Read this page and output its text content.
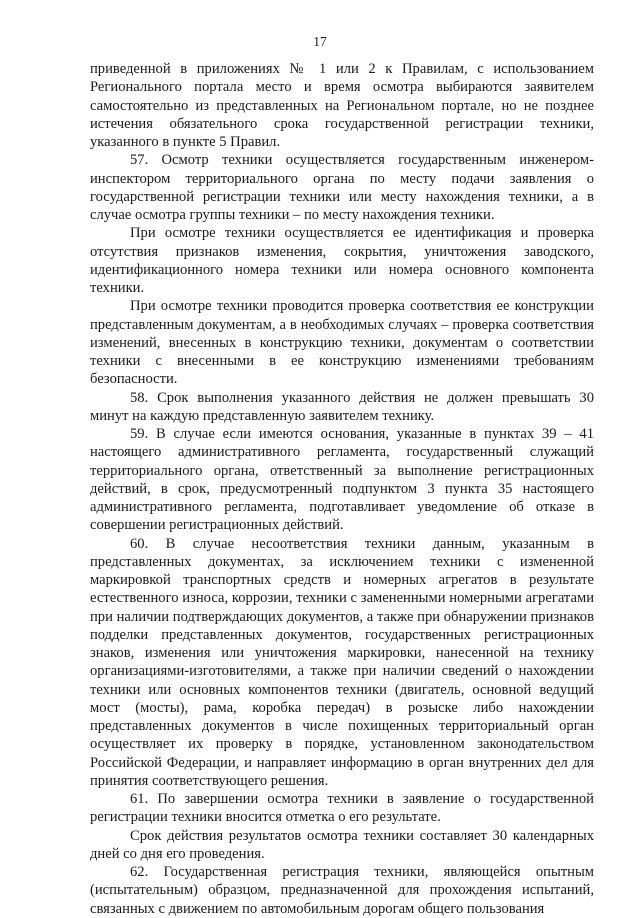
17

приведенной в приложениях № 1 или 2 к Правилам, с использованием Регионального портала место и время осмотра выбираются заявителем самостоятельно из представленных на Региональном портале, но не позднее истечения обязательного срока государственной регистрации техники, указанного в пункте 5 Правил.

57. Осмотр техники осуществляется государственным инженером-инспектором территориального органа по месту подачи заявления о государственной регистрации техники или месту нахождения техники, а в случае осмотра группы техники – по месту нахождения техники.

При осмотре техники осуществляется ее идентификация и проверка отсутствия признаков изменения, сокрытия, уничтожения заводского, идентификационного номера техники или номера основного компонента техники.

При осмотре техники проводится проверка соответствия ее конструкции представленным документам, а в необходимых случаях – проверка соответствия изменений, внесенных в конструкцию техники, документам о соответствии техники с внесенными в ее конструкцию изменениями требованиям безопасности.

58. Срок выполнения указанного действия не должен превышать 30 минут на каждую представленную заявителем технику.

59. В случае если имеются основания, указанные в пунктах 39 – 41 настоящего административного регламента, государственный служащий территориального органа, ответственный за выполнение регистрационных действий, в срок, предусмотренный подпунктом 3 пункта 35 настоящего административного регламента, подготавливает уведомление об отказе в совершении регистрационных действий.

60. В случае несоответствия техники данным, указанным в представленных документах, за исключением техники с измененной маркировкой транспортных средств и номерных агрегатов в результате естественного износа, коррозии, техники с замененными номерными агрегатами при наличии подтверждающих документов, а также при обнаружении признаков подделки представленных документов, государственных регистрационных знаков, изменения или уничтожения маркировки, нанесенной на технику организациями-изготовителями, а также при наличии сведений о нахождении техники или основных компонентов техники (двигатель, основной ведущий мост (мосты), рама, коробка передач) в розыске либо нахождении представленных документов в числе похищенных территориальный орган осуществляет их проверку в порядке, установленном законодательством Российской Федерации, и направляет информацию в орган внутренних дел для принятия соответствующего решения.

61. По завершении осмотра техники в заявление о государственной регистрации техники вносится отметка о его результате.

Срок действия результатов осмотра техники составляет 30 календарных дней со дня его проведения.

62. Государственная регистрация техники, являющейся опытным (испытательным) образцом, предназначенной для прохождения испытаний, связанных с движением по автомобильным дорогам общего пользования
